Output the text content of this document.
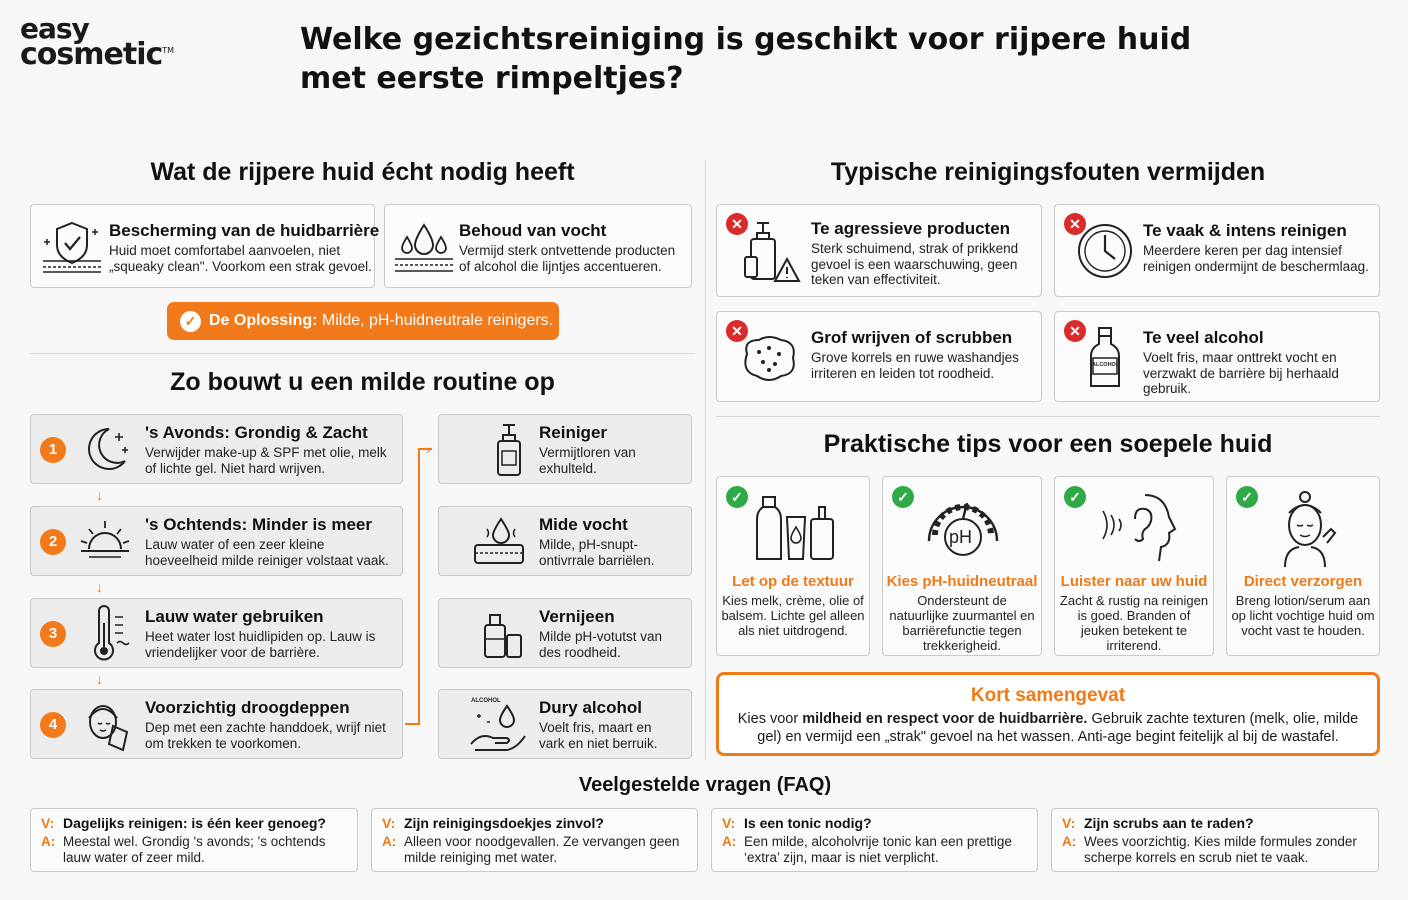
easy
cosmetic™	Welke gezichtsreiniging is geschikt voor rijpere huid met eerste rimpeltjes?
Wat de rijpere huid écht nodig heeft
Bescherming van de huidbarrière
Huid moet comfortabel aanvoelen, niet „squeaky clean". Voorkom een strak gevoel.
Behoud van vocht
Vermijd sterk ontvettende producten of alcohol die lijntjes accentueren.
✓ De Oplossing: Milde, pH-huidneutrale reinigers.
Zo bouwt u een milde routine op
1
's Avonds: Grondig & Zacht
Verwijder make-up & SPF met olie, melk of lichte gel. Niet hard wrijven.
↓
2
's Ochtends: Minder is meer
Lauw water of een zeer kleine hoeveelheid milde reiniger volstaat vaak.
↓
3
Lauw water gebruiken
Heet water lost huidlipiden op. Lauw is vriendelijker voor de barrière.
↓
4
Voorzichtig droogdeppen
Dep met een zachte handdoek, wrijf niet om trekken te voorkomen.
›
Reiniger
Vermijtloren van exhulteld.
Mide vocht
Milde, pH-snupt-ontivrrale barriëlen.
Vernijeen
Milde pH-votutst van des roodheid.
ALCOHOL Dury alcohol
Voelt fris, maart en vark en niet berruik.
Typische reinigingsfouten vermijden
✕	Te agressieve producten
Sterk schuimend, strak of prikkend gevoel is een waarschuwing, geen teken van effectiviteit.
✕	Te vaak & intens reinigen
Meerdere keren per dag intensief reinigen ondermijnt de beschermlaag.
✕	Grof wrijven of scrubben
Grove korrels en ruwe washandjes irriteren en leiden tot roodheid.
✕
ALCOHOL
Te veel alcohol
Voelt fris, maar onttrekt vocht en verzwakt de barrière bij herhaald gebruik.
Praktische tips voor een soepele huid
✓
Let op de textuur
Kies melk, crème, olie of balsem. Lichte gel alleen als niet uitdrogend.
✓
pH
Kies pH-huidneutraal
Ondersteunt de natuurlijke zuurmantel en barriërefunctie tegen trekkerigheid.
✓
Luister naar uw huid
Zacht & rustig na reinigen is goed. Branden of jeuken betekent te irriterend.
✓
Direct verzorgen
Breng lotion/serum aan op licht vochtige huid om vocht vast te houden.
Kort samengevat
Kies voor mildheid en respect voor de huidbarrière. Gebruik zachte texturen (melk, olie, milde gel) en vermijd een „strak" gevoel na het wassen. Anti-age begint feitelijk al bij de wastafel.
Veelgestelde vragen (FAQ)
V: Dagelijks reinigen: is één keer genoeg?
A: Meestal wel. Grondig 's avonds; 's ochtends lauw water of zeer mild.
V: Zijn reinigingsdoekjes zinvol?
A: Alleen voor noodgevallen. Ze vervangen geen milde reiniging met water.
V: Is een tonic nodig?
A: Een milde, alcoholvrije tonic kan een prettige ‘extra’ zijn, maar is niet verplicht.
V: Zijn scrubs aan te raden?
A: Wees voorzichtig. Kies milde formules zonder scherpe korrels en scrub niet te vaak.
